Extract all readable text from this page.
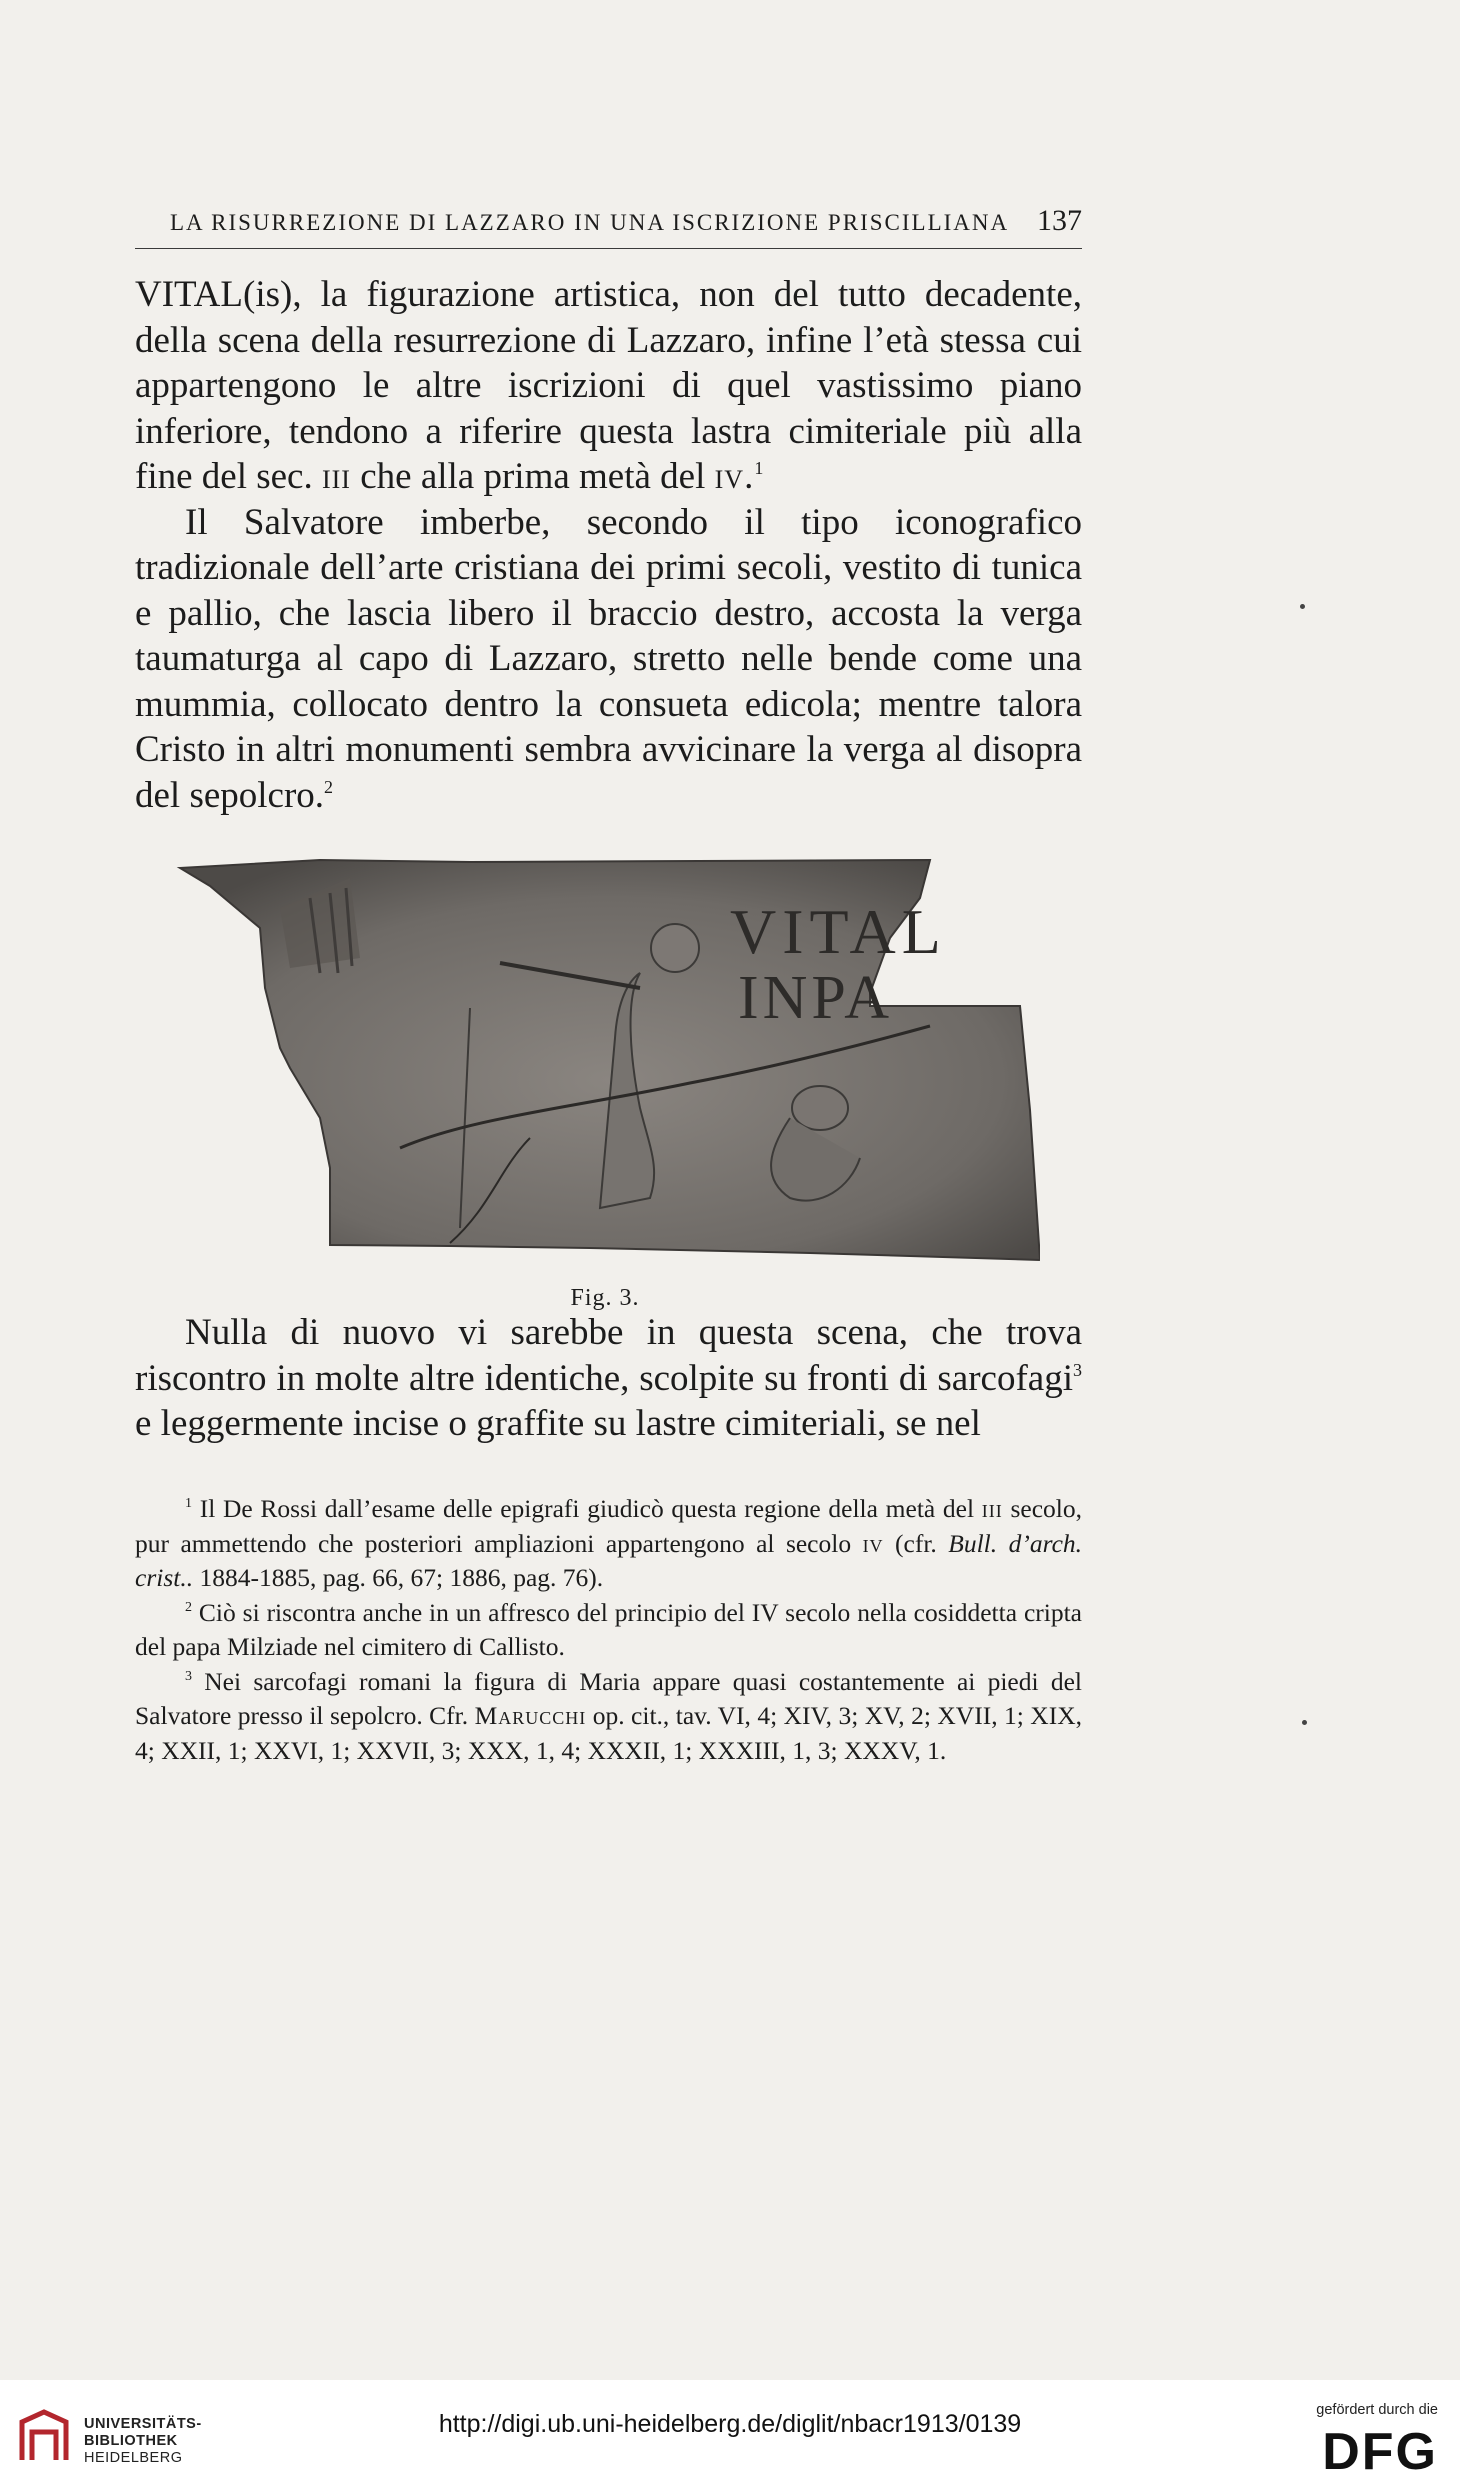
LA RISURREZIONE DI LAZZARO IN UNA ISCRIZIONE PRISCILLIANA 137

VITAL(is), la figurazione artistica, non del tutto decadente, della scena della resurrezione di Lazzaro, infine l’età stessa cui appartengono le altre iscrizioni di quel vastissimo piano inferiore, tendono a riferire questa lastra cimiteriale più alla fine del sec. iii che alla prima metà del iv.$^1$

Il Salvatore imberbe, secondo il tipo iconografico tradizionale dell’arte cristiana dei primi secoli, vestito di tunica e pallio, che lascia libero il braccio destro, accosta la verga taumaturga al capo di Lazzaro, stretto nelle bende come una mummia, collocato dentro la consueta edicola; mentre talora Cristo in altri monumenti sembra avvicinare la verga al disopra del sepolcro.$^2$

VITAL
INPA
Fig. 3.

Nulla di nuovo vi sarebbe in questa scena, che trova riscontro in molte altre identiche, scolpite su fronti di sarcofagi$^3$ e leggermente incise o graffite su lastre cimiteriali, se nel

$^1$ Il De Rossi dall’esame delle epigrafi giudicò questa regione della metà del iii secolo, pur ammettendo che posteriori ampliazioni appartengono al secolo iv (cfr. Bull. d’arch. crist.. 1884-1885, pag. 66, 67; 1886, pag. 76).

$^2$ Ciò si riscontra anche in un affresco del principio del IV secolo nella cosiddetta cripta del papa Milziade nel cimitero di Callisto.

$^3$ Nei sarcofagi romani la figura di Maria appare quasi costantemente ai piedi del Salvatore presso il sepolcro. Cfr. Marucchi op. cit., tav. VI, 4; XIV, 3; XV, 2; XVII, 1; XIX, 4; XXII, 1; XXVI, 1; XXVII, 3; XXX, 1, 4; XXXII, 1; XXXIII, 1, 3; XXXV, 1.

UNIVERSITÄTS-
BIBLIOTHEK
HEIDELBERG
http://digi.ub.uni-heidelberg.de/diglit/nbacr1913/0139	gefördert durch die
DFG
